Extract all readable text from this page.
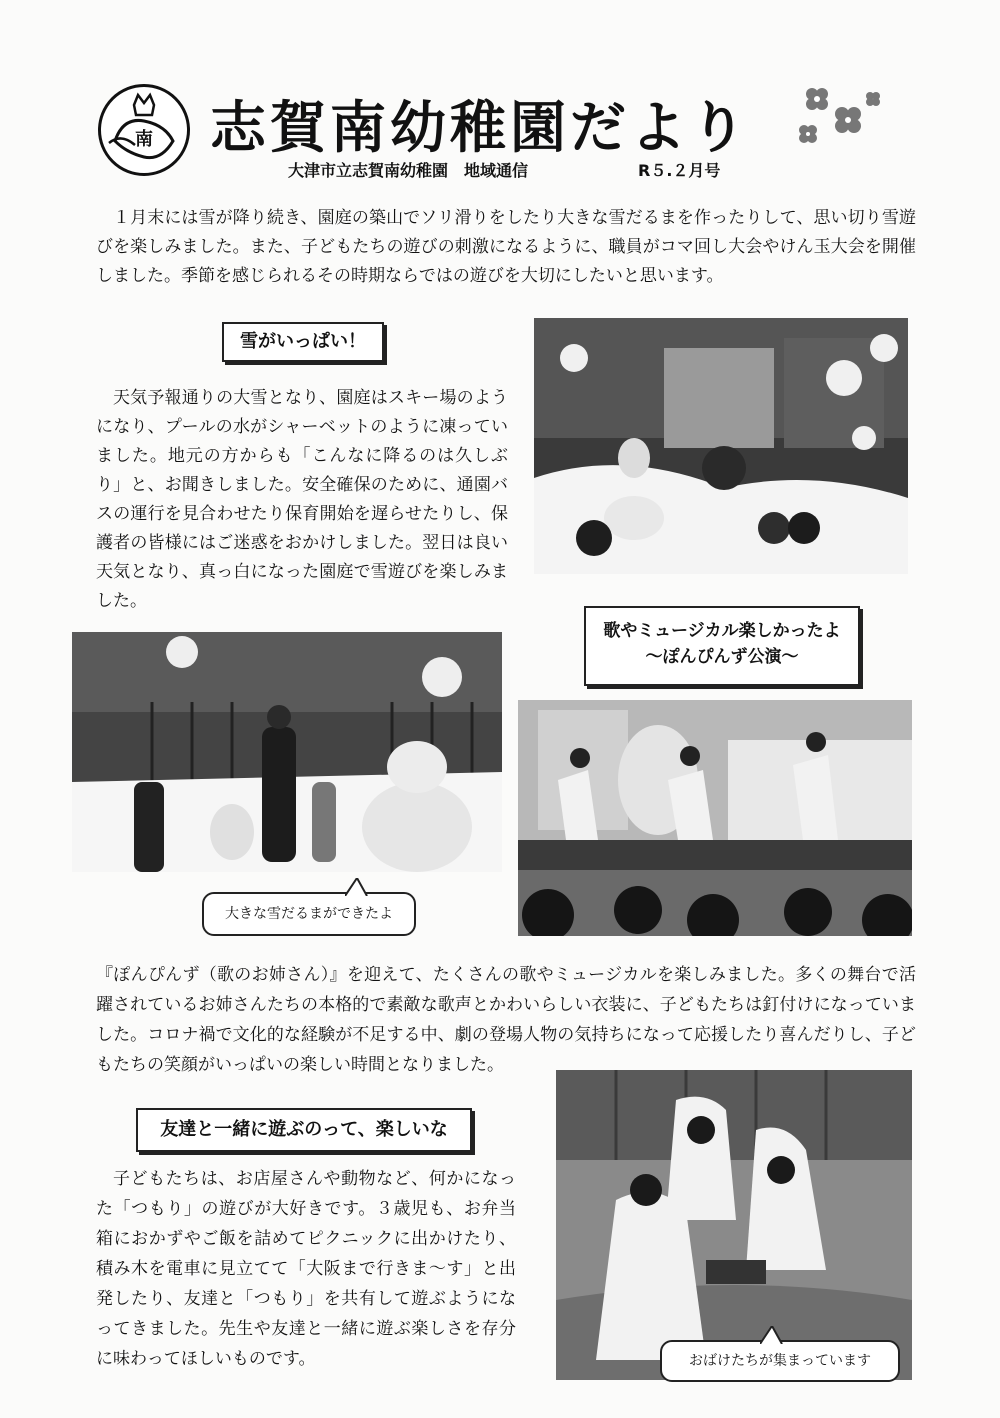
南 志賀南幼稚園だより
大津市立志賀南幼稚園　地域通信	R５.２月号

１月末には雪が降り続き、園庭の築山でソリ滑りをしたり大きな雪だるまを作ったりして、思い切り雪遊びを楽しみました。また、子どもたちの遊びの刺激になるように、職員がコマ回し大会やけん玉大会を開催しました。季節を感じられるその時期ならではの遊びを大切にしたいと思います。

雪がいっぱい！

天気予報通りの大雪となり、園庭はスキー場のようになり、プールの水がシャーベットのように凍っていました。地元の方からも「こんなに降るのは久しぶり」と、お聞きしました。安全確保のために、通園バスの運行を見合わせたり保育開始を遅らせたりし、保護者の皆様にはご迷惑をおかけしました。翌日は良い天気となり、真っ白になった園庭で雪遊びを楽しみました。

大きな雪だるまができたよ
歌やミュージカル楽しかったよ
～ぽんぴんず公演～

『ぽんぴんず（歌のお姉さん）』を迎えて、たくさんの歌やミュージカルを楽しみました。多くの舞台で活躍されているお姉さんたちの本格的で素敵な歌声とかわいらしい衣装に、子どもたちは釘付けになっていました。コロナ禍で文化的な経験が不足する中、劇の登場人物の気持ちになって応援したり喜んだりし、子どもたちの笑顔がいっぱいの楽しい時間となりました。

友達と一緒に遊ぶのって、楽しいな

子どもたちは、お店屋さんや動物など、何かになった「つもり」の遊びが大好きです。３歳児も、お弁当箱におかずやご飯を詰めてピクニックに出かけたり、積み木を電車に見立てて「大阪まで行きま～す」と出発したり、友達と「つもり」を共有して遊ぶようになってきました。先生や友達と一緒に遊ぶ楽しさを存分に味わってほしいものです。	おばけたちが集まっています
